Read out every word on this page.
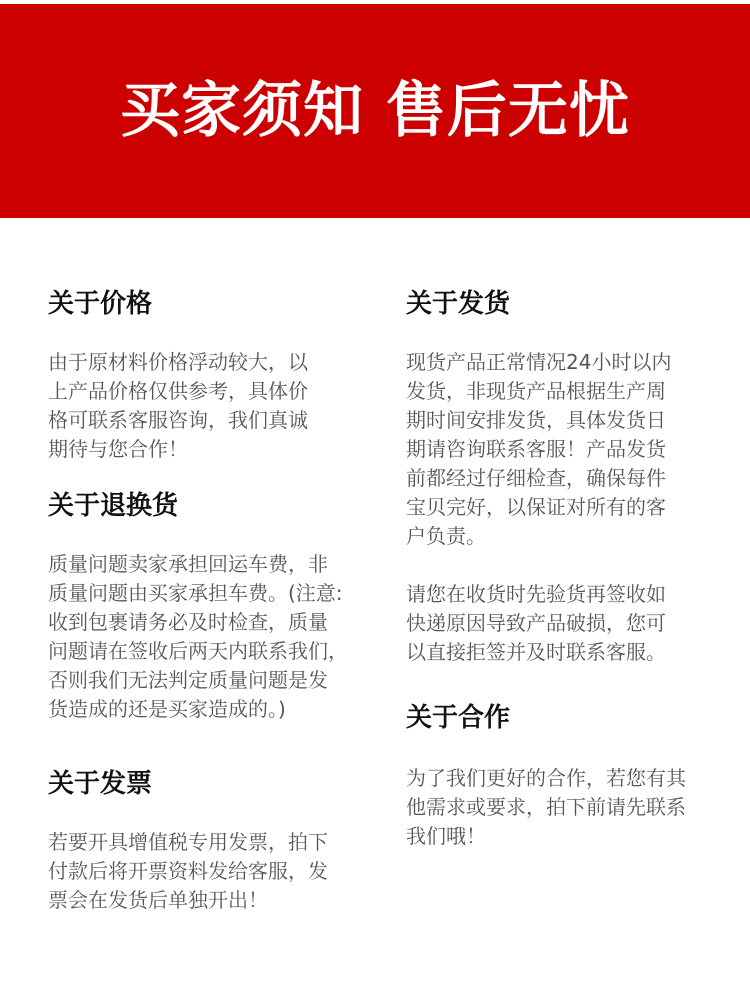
买家须知 售后无忧
关于价格

由于原材料价格浮动较大，以
上产品价格仅供参考，具体价
格可联系客服咨询，我们真诚
期待与您合作！

关于退换货

质量问题卖家承担回运车费，非
质量问题由买家承担车费。(注意:
收到包裹请务必及时检查，质量
问题请在签收后两天内联系我们，
否则我们无法判定质量问题是发
货造成的还是买家造成的。)

关于发票

若要开具增值税专用发票，拍下
付款后将开票资料发给客服，发
票会在发货后单独开出！

关于发货

现货产品正常情况24小时以内
发货，非现货产品根据生产周
期时间安排发货，具体发货日
期请咨询联系客服！产品发货
前都经过仔细检查，确保每件
宝贝完好，以保证对所有的客
户负责。

请您在收货时先验货再签收如
快递原因导致产品破损，您可
以直接拒签并及时联系客服。

关于合作

为了我们更好的合作，若您有其
他需求或要求，拍下前请先联系
我们哦！
